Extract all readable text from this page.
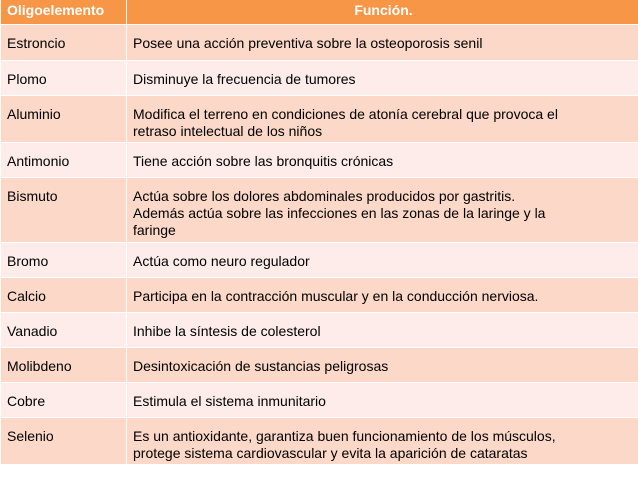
Oligoelemento	Función.
Estroncio	Posee una acción preventiva sobre la osteoporosis senil
Plomo	Disminuye la frecuencia de tumores
Aluminio	Modifica el terreno en condiciones de atonía cerebral que provoca el
retraso intelectual de los niños
Antimonio	Tiene acción sobre las bronquitis crónicas
Bismuto	Actúa sobre los dolores abdominales producidos por gastritis.
Además actúa sobre las infecciones en las zonas de la laringe y la
faringe
Bromo	Actúa como neuro regulador
Calcio	Participa en la contracción muscular y en la conducción nerviosa.
Vanadio	Inhibe la síntesis de colesterol
Molibdeno	Desintoxicación de sustancias peligrosas
Cobre	Estimula el sistema inmunitario
Selenio	Es un antioxidante, garantiza buen funcionamiento de los músculos,
protege sistema cardiovascular y evita la aparición de cataratas
